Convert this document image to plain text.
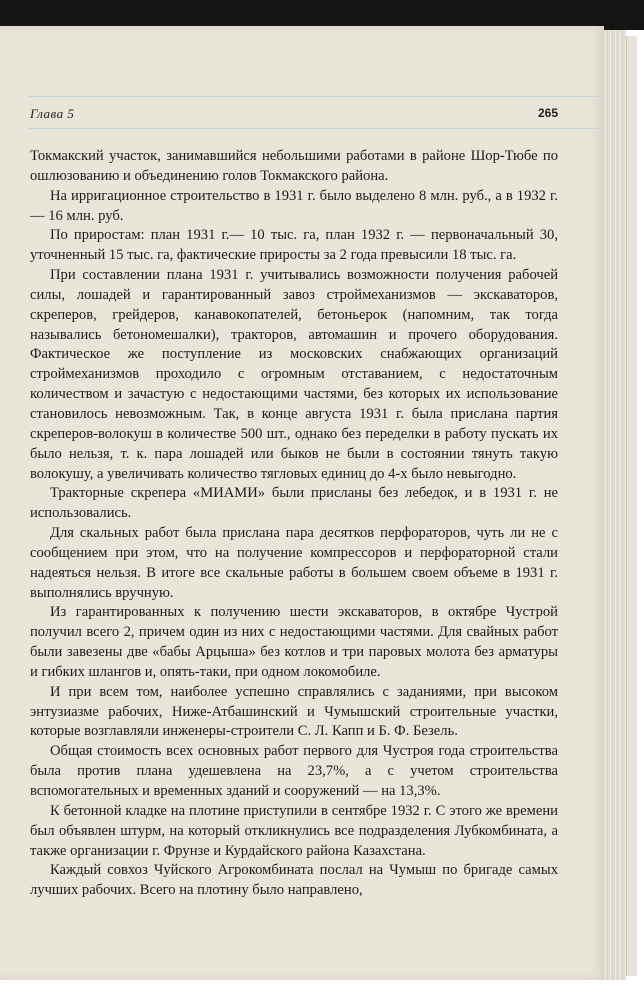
Глава 5	265

Токмакский участок, занимавшийся небольшими работами в районе Шор-Тюбе по ошлюзованию и объединению голов Токмакского района.

На ирригационное строительство в 1931 г. было выделено 8 млн. руб., а в 1932 г.— 16 млн. руб.

По приростам: план 1931 г.— 10 тыс. га, план 1932 г. — первоначальный 30, уточненный 15 тыс. га, фактические приросты за 2 года превысили 18 тыс. га.

При составлении плана 1931 г. учитывались возможности получения рабочей силы, лошадей и гарантированный завоз строймеханизмов — экскаваторов, скреперов, грейдеров, канавокопателей, бетоньерок (напомним, так тогда назывались бетономешалки), тракторов, автомашин и прочего оборудования. Фактическое же поступление из московских снабжающих организаций строймеханизмов проходило с огромным отставанием, с недостаточным количеством и зачастую с недостающими частями, без которых их использование становилось невозможным. Так, в конце августа 1931 г. была прислана партия скреперов-волокуш в количестве 500 шт., однако без переделки в работу пускать их было нельзя, т. к. пара лошадей или быков не были в состоянии тянуть такую волокушу, а увеличивать количество тягловых единиц до 4-х было невыгодно.

Тракторные скрепера «МИАМИ» были присланы без лебедок, и в 1931 г. не использовались.

Для скальных работ была прислана пара десятков перфораторов, чуть ли не с сообщением при этом, что на получение компрессоров и перфораторной стали надеяться нельзя. В итоге все скальные работы в большем своем объеме в 1931 г. выполнялись вручную.

Из гарантированных к получению шести экскаваторов, в октябре Чустрой получил всего 2, причем один из них с недостающими частями. Для свайных работ были завезены две «бабы Арцыша» без котлов и три паровых молота без арматуры и гибких шлангов и, опять-таки, при одном локомобиле.

И при всем том, наиболее успешно справлялись с заданиями, при высоком энтузиазме рабочих, Ниже-Атбашинский и Чумышский строительные участки, которые возглавляли инженеры-строители С. Л. Капп и Б. Ф. Безель.

Общая стоимость всех основных работ первого для Чустроя года строительства была против плана удешевлена на 23,7%, а с учетом строительства вспомогательных и временных зданий и сооружений — на 13,3%.

К бетонной кладке на плотине приступили в сентябре 1932 г. С этого же времени был объявлен штурм, на который откликнулись все подразделения Лубкомбината, а также организации г. Фрунзе и Курдайского района Казахстана.

Каждый совхоз Чуйского Агрокомбината послал на Чумыш по бригаде самых лучших рабочих. Всего на плотину было направлено,
